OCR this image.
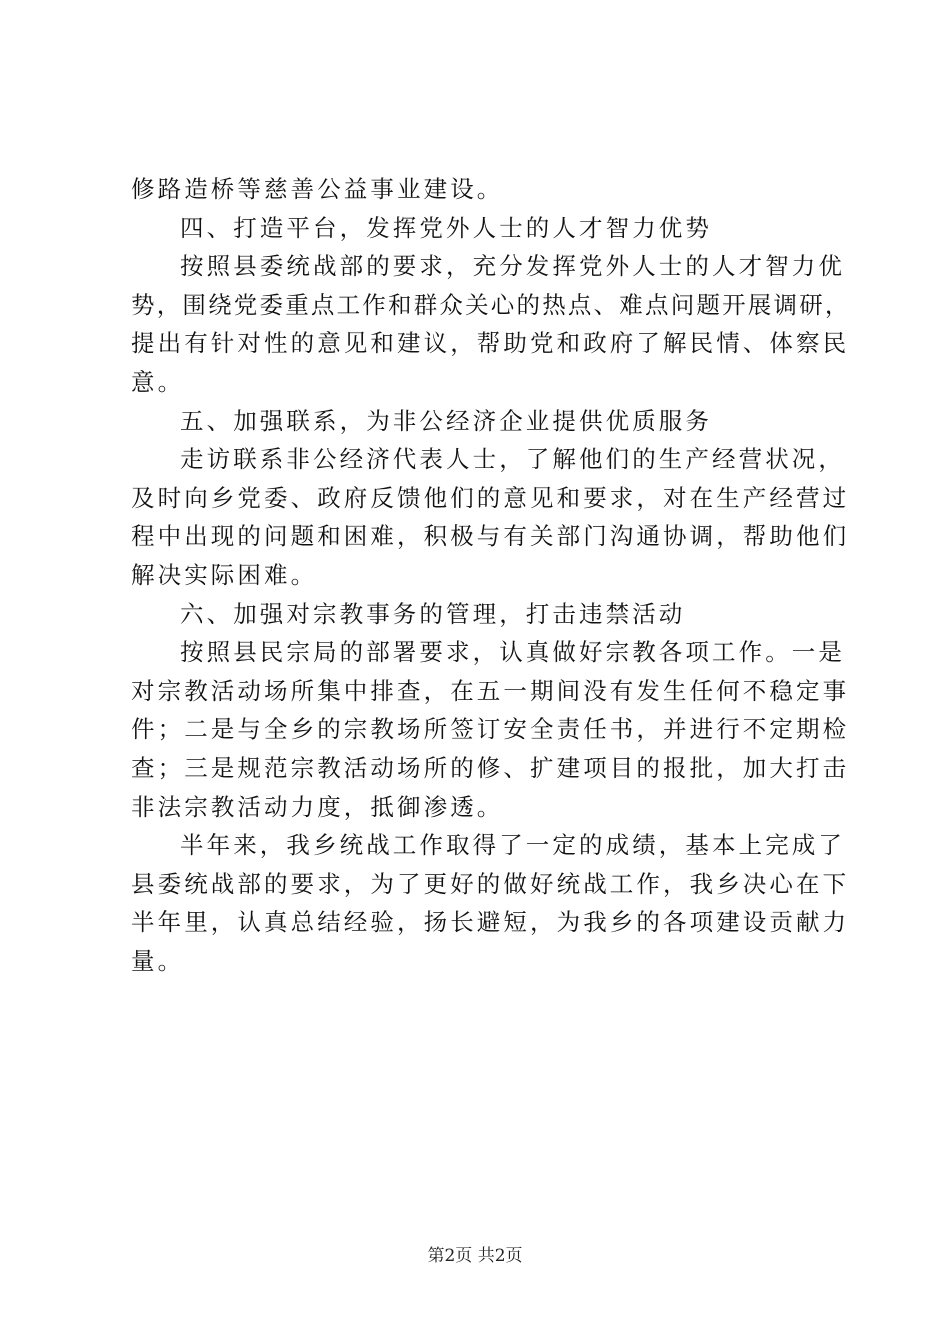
修路造桥等慈善公益事业建设。
四、打造平台，发挥党外人士的人才智力优势
按照县委统战部的要求，充分发挥党外人士的人才智力优
势，围绕党委重点工作和群众关心的热点、难点问题开展调研，
提出有针对性的意见和建议，帮助党和政府了解民情、体察民
意。
五、加强联系，为非公经济企业提供优质服务
走访联系非公经济代表人士，了解他们的生产经营状况，
及时向乡党委、政府反馈他们的意见和要求，对在生产经营过
程中出现的问题和困难，积极与有关部门沟通协调，帮助他们
解决实际困难。
六、加强对宗教事务的管理，打击违禁活动
按照县民宗局的部署要求，认真做好宗教各项工作。一是
对宗教活动场所集中排查，在五一期间没有发生任何不稳定事
件；二是与全乡的宗教场所签订安全责任书，并进行不定期检
查；三是规范宗教活动场所的修、扩建项目的报批，加大打击
非法宗教活动力度，抵御渗透。
半年来，我乡统战工作取得了一定的成绩，基本上完成了
县委统战部的要求，为了更好的做好统战工作，我乡决心在下
半年里，认真总结经验，扬长避短，为我乡的各项建设贡献力
量。
第2页 共2页
